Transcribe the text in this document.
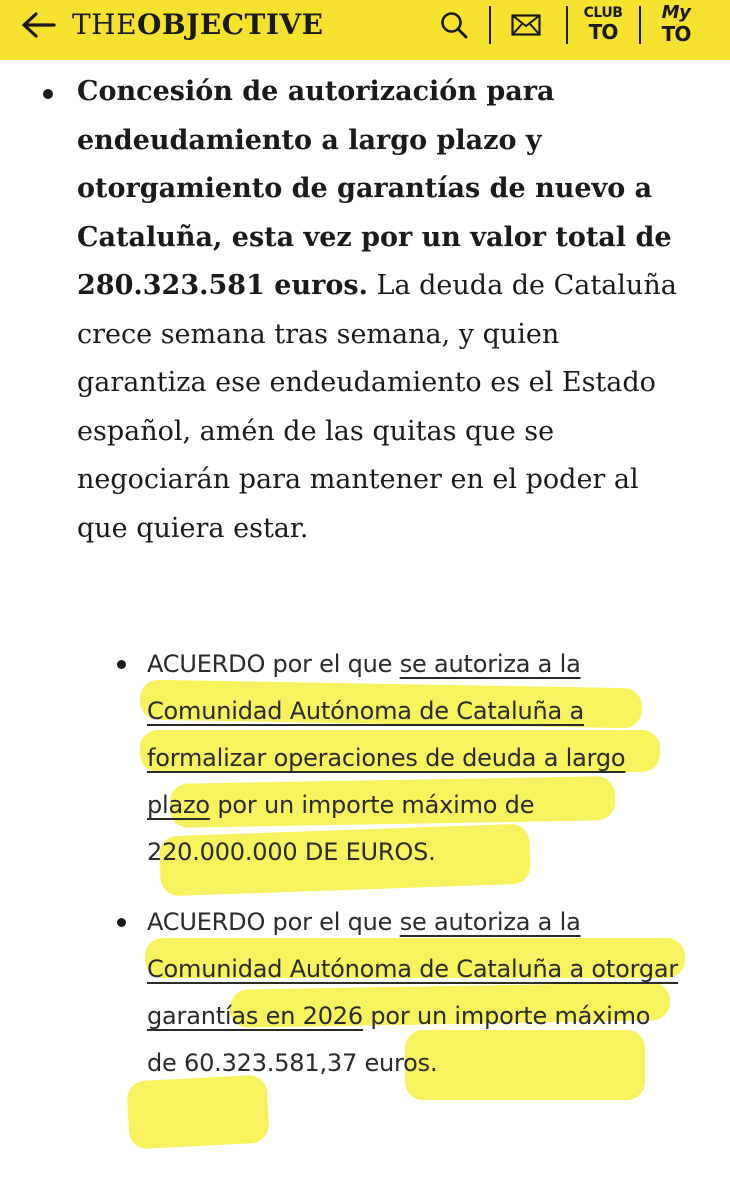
THEOBJECTIVE	CLUB
TO
My
TO
Concesión de autorización para endeudamiento a largo plazo y otorgamiento de garantías de nuevo a Cataluña, esta vez por un valor total de 280.323.581 euros. La deuda de Cataluña crece semana tras semana, y quien garantiza ese endeudamiento es el Estado español, amén de las quitas que se negociarán para mantener en el poder al que quiera estar.
ACUERDO por el que se autoriza a la Comunidad Autónoma de Cataluña a formalizar operaciones de deuda a largo plazo por un importe máximo de 220.000.000 DE EUROS.
ACUERDO por el que se autoriza a la Comunidad Autónoma de Cataluña a otorgar garantías en 2026 por un importe máximo de 60.323.581,37 euros.
